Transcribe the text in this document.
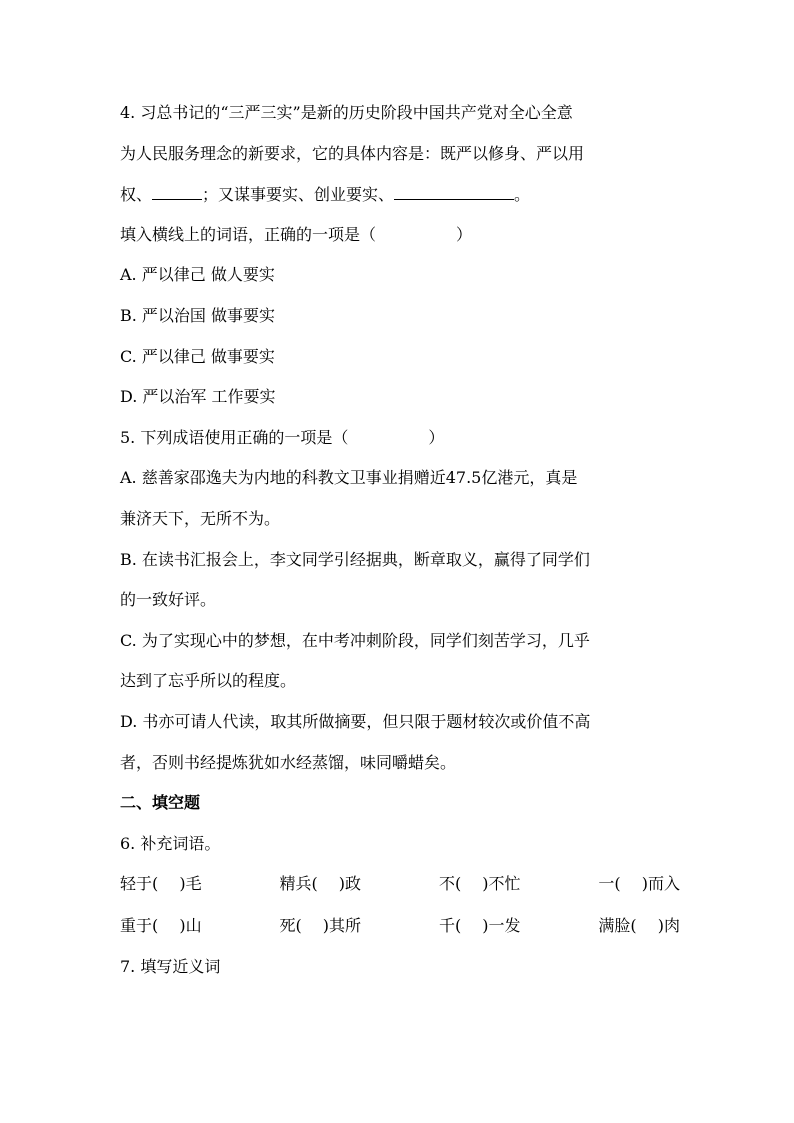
4. 习总书记的“三严三实”是新的历史阶段中国共产党对全心全意
为人民服务理念的新要求，它的具体内容是：既严以修身、严以用
权、	；又谋事要实、创业要实、	。
填入横线上的词语，正确的一项是（	）
A. 严以律己 做人要实
B. 严以治国 做事要实
C. 严以律己 做事要实
D. 严以治军 工作要实
5. 下列成语使用正确的一项是（	）
A. 慈善家邵逸夫为内地的科教文卫事业捐赠近47.5亿港元，真是
兼济天下，无所不为。
B. 在读书汇报会上，李文同学引经据典，断章取义，赢得了同学们
的一致好评。
C. 为了实现心中的梦想，在中考冲刺阶段，同学们刻苦学习，几乎
达到了忘乎所以的程度。
D. 书亦可请人代读，取其所做摘要，但只限于题材较次或价值不高
者，否则书经提炼犹如水经蒸馏，味同嚼蜡矣。
二、填空题
6. 补充词语。
轻于(　 )毛	精兵(　 )政	不(　 )不忙	一(　 )而入
重于(　 )山	死(　 )其所	千(　 )一发	满脸(　 )肉
7. 填写近义词
